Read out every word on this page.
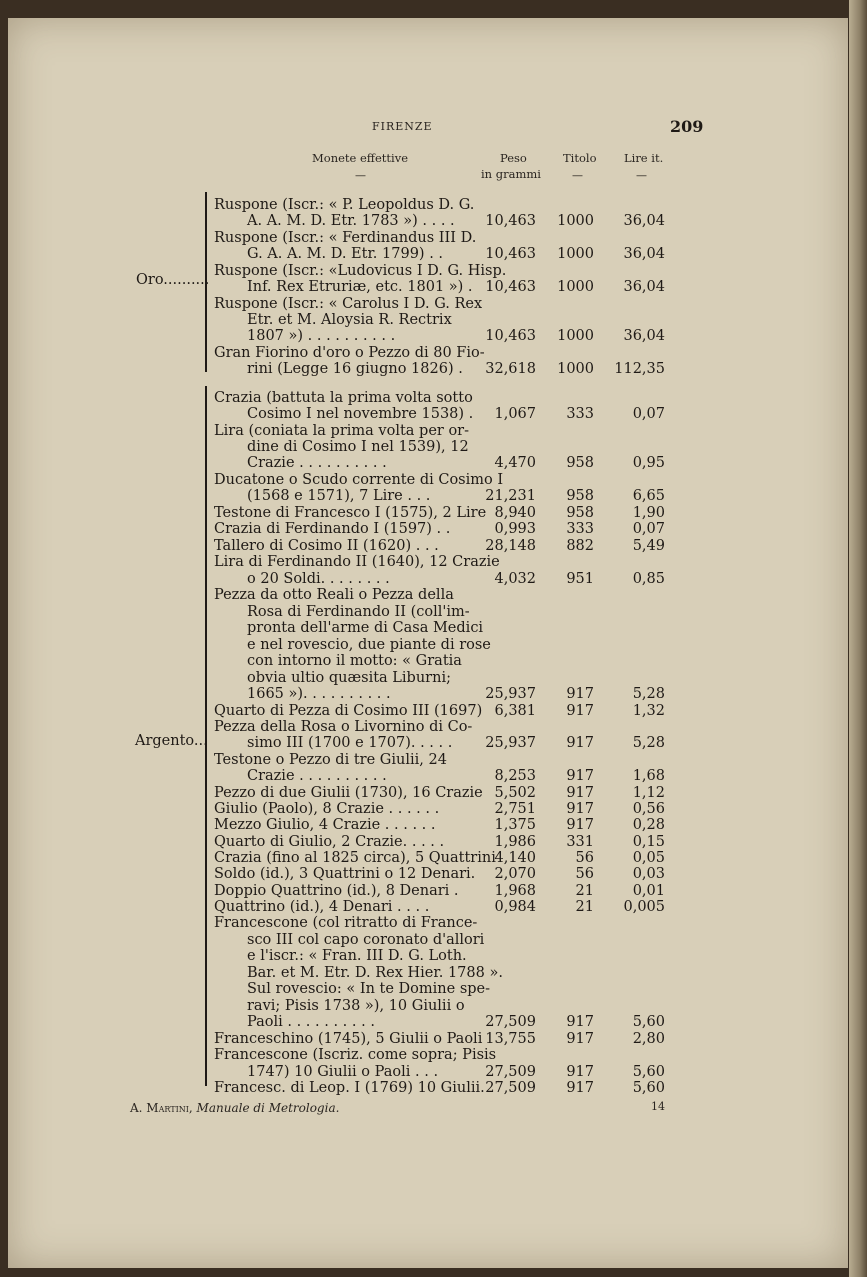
FIRENZE	209
Monete effettive	Peso
in grammi
Titolo Lire it.
—	—	—
Oro..........
Argento...
Ruspone (Iscr.: « P. Leopoldus D. G.
A. A. M. D. Etr. 1783 ») . . . . 10,463 1000 36,04
Ruspone (Iscr.: « Ferdinandus III D.
G. A. A. M. D. Etr. 1799) . .	10,463 1000 36,04
Ruspone (Iscr.: «Ludovicus I D. G. Hisp.
Inf. Rex Etruriæ, etc. 1801 ») . 10,463 1000 36,04
Ruspone (Iscr.: « Carolus I D. G. Rex
Etr. et M. Aloysia R. Rectrix
1807 ») . . . . . . . . . .	10,463 1000 36,04
Gran Fiorino d'oro o Pezzo di 80 Fio-
rini (Legge 16 giugno 1826) . 32,618 1000 112,35
Crazia (battuta la prima volta sotto
Cosimo I nel novembre 1538) . 1,067 333	0,07
Lira (coniata la prima volta per or-
dine di Cosimo I nel 1539), 12
Crazie . . . . . . . . . .	4,470 958	0,95
Ducatone o Scudo corrente di Cosimo I
(1568 e 1571), 7 Lire . . .	21,231 958	6,65
Testone di Francesco I (1575), 2 Lire 8,940 958	1,90
Crazia di Ferdinando I (1597) . .	0,993 333	0,07
Tallero di Cosimo II (1620) . . .	28,148 882	5,49
Lira di Ferdinando II (1640), 12 Crazie
o 20 Soldi. . . . . . . .	4,032 951	0,85
Pezza da otto Reali o Pezza della
Rosa di Ferdinando II (coll'im-
pronta dell'arme di Casa Medici
e nel rovescio, due piante di rose
con intorno il motto: « Gratia
obvia ultio quæsita Liburni;
1665 »). . . . . . . . . .	25,937 917	5,28
Quarto di Pezza di Cosimo III (1697) 6,381 917	1,32
Pezza della Rosa o Livornino di Co-
simo III (1700 e 1707). . . . . 25,937 917	5,28
Testone o Pezzo di tre Giulii, 24
Crazie . . . . . . . . . .	8,253 917	1,68
Pezzo di due Giulii (1730), 16 Crazie 5,502 917	1,12
Giulio (Paolo), 8 Crazie . . . . . .	2,751 917	0,56
Mezzo Giulio, 4 Crazie . . . . . .	1,375 917	0,28
Quarto di Giulio, 2 Crazie. . . . .	1,986 331	0,15
Crazia (fino al 1825 circa), 5 Quattrini
4,140	56	0,05
Soldo (id.), 3 Quattrini o 12 Denari. 2,070	56	0,03
Doppio Quattrino (id.), 8 Denari . 1,968	21	0,01
Quattrino (id.), 4 Denari . . . .	0,984	21 0,005
Francescone (col ritratto di France-
sco III col capo coronato d'allori
e l'iscr.: « Fran. III D. G. Loth.
Bar. et M. Etr. D. Rex Hier. 1788 ».
Sul rovescio: « In te Domine spe-
ravi; Pisis 1738 »), 10 Giulii o
Paoli . . . . . . . . . .	27,509 917	5,60
Franceschino (1745), 5 Giulii o Paoli 13,755 917	2,80
Francescone (Iscriz. come sopra; Pisis
1747) 10 Giulii o Paoli . . .	27,509 917	5,60
Francesc. di Leop. I (1769) 10 Giulii. 27,509 917	5,60
A. Martini, Manuale di Metrologia.	14
